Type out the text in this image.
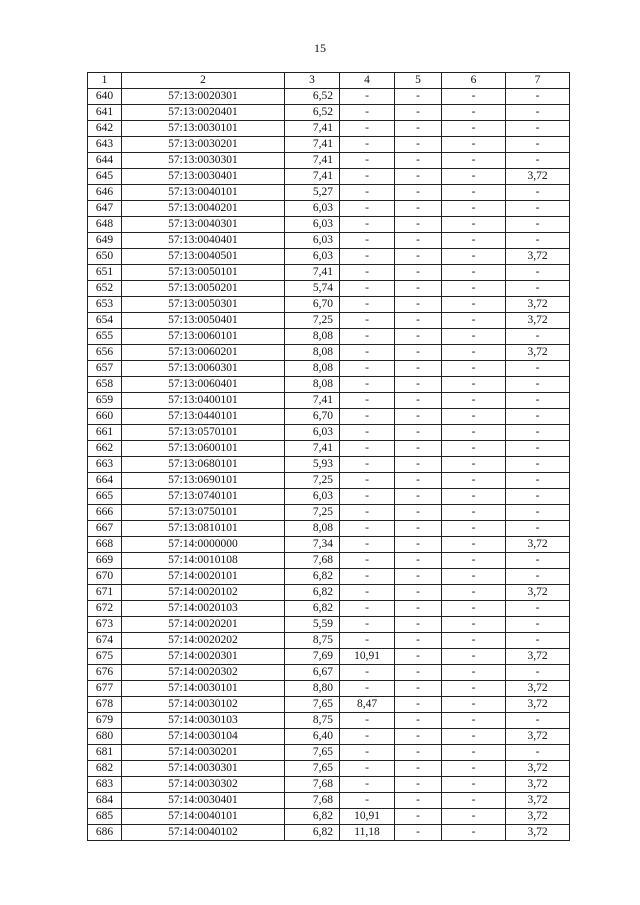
15
1	2	3	4	5	6	7
640	57:13:0020301	6,52	-	-	-	-
641	57:13:0020401	6,52	-	-	-	-
642	57:13:0030101	7,41	-	-	-	-
643	57:13:0030201	7,41	-	-	-	-
644	57:13:0030301	7,41	-	-	-	-
645	57:13:0030401	7,41	-	-	-	3,72
646	57:13:0040101	5,27	-	-	-	-
647	57:13:0040201	6,03	-	-	-	-
648	57:13:0040301	6,03	-	-	-	-
649	57:13:0040401	6,03	-	-	-	-
650	57:13:0040501	6,03	-	-	-	3,72
651	57:13:0050101	7,41	-	-	-	-
652	57:13:0050201	5,74	-	-	-	-
653	57:13:0050301	6,70	-	-	-	3,72
654	57:13:0050401	7,25	-	-	-	3,72
655	57:13:0060101	8,08	-	-	-	-
656	57:13:0060201	8,08	-	-	-	3,72
657	57:13:0060301	8,08	-	-	-	-
658	57:13:0060401	8,08	-	-	-	-
659	57:13:0400101	7,41	-	-	-	-
660	57:13:0440101	6,70	-	-	-	-
661	57:13:0570101	6,03	-	-	-	-
662	57:13:0600101	7,41	-	-	-	-
663	57:13:0680101	5,93	-	-	-	-
664	57:13:0690101	7,25	-	-	-	-
665	57:13:0740101	6,03	-	-	-	-
666	57:13:0750101	7,25	-	-	-	-
667	57:13:0810101	8,08	-	-	-	-
668	57:14:0000000	7,34	-	-	-	3,72
669	57:14:0010108	7,68	-	-	-	-
670	57:14:0020101	6,82	-	-	-	-
671	57:14:0020102	6,82	-	-	-	3,72
672	57:14:0020103	6,82	-	-	-	-
673	57:14:0020201	5,59	-	-	-	-
674	57:14:0020202	8,75	-	-	-	-
675	57:14:0020301	7,69	10,91	-	-	3,72
676	57:14:0020302	6,67	-	-	-	-
677	57:14:0030101	8,80	-	-	-	3,72
678	57:14:0030102	7,65	8,47	-	-	3,72
679	57:14:0030103	8,75	-	-	-	-
680	57:14:0030104	6,40	-	-	-	3,72
681	57:14:0030201	7,65	-	-	-	-
682	57:14:0030301	7,65	-	-	-	3,72
683	57:14:0030302	7,68	-	-	-	3,72
684	57:14:0030401	7,68	-	-	-	3,72
685	57:14:0040101	6,82	10,91	-	-	3,72
686	57:14:0040102	6,82	11,18	-	-	3,72
